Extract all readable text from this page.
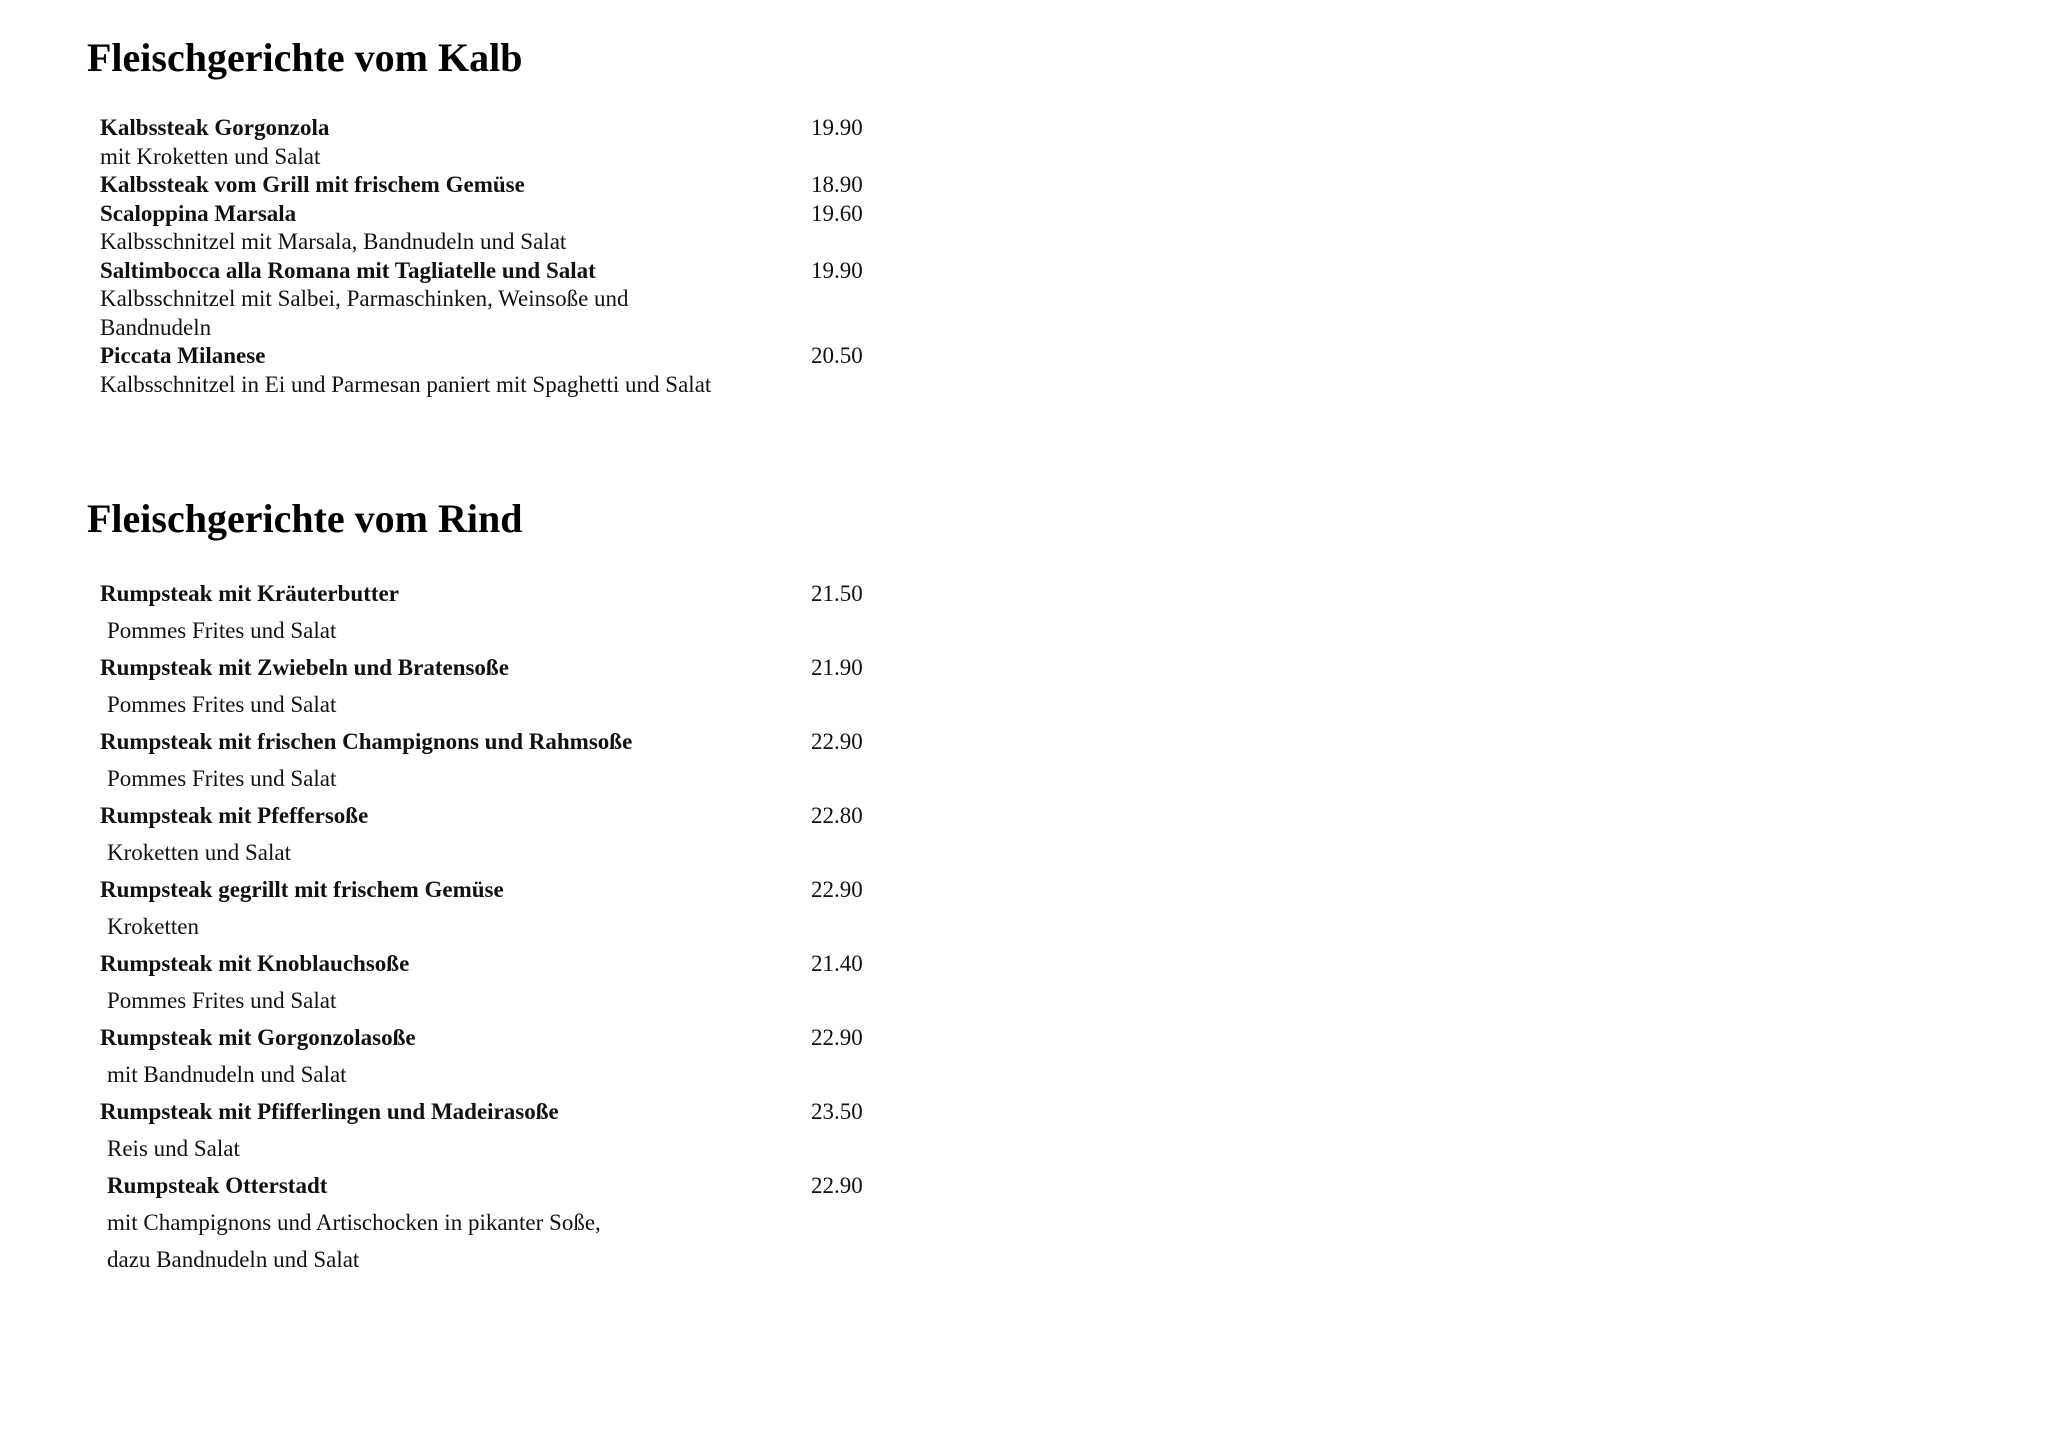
Fleischgerichte vom Kalb
Kalbssteak Gorgonzola	19.90
mit Kroketten und Salat
Kalbssteak vom Grill mit frischem Gemüse	18.90
Scaloppina Marsala	19.60
Kalbsschnitzel mit Marsala, Bandnudeln und Salat
Saltimbocca alla Romana mit Tagliatelle und Salat	19.90
Kalbsschnitzel mit Salbei, Parmaschinken, Weinsoße und
Bandnudeln
Piccata Milanese	20.50
Kalbsschnitzel in Ei und Parmesan paniert mit Spaghetti und Salat
Fleischgerichte vom Rind
Rumpsteak mit Kräuterbutter	21.50
Pommes Frites und Salat
Rumpsteak mit Zwiebeln und Bratensoße	21.90
Pommes Frites und Salat
Rumpsteak mit frischen Champignons und Rahmsoße	22.90
Pommes Frites und Salat
Rumpsteak mit Pfeffersoße	22.80
Kroketten und Salat
Rumpsteak gegrillt mit frischem Gemüse	22.90
Kroketten
Rumpsteak mit Knoblauchsoße	21.40
Pommes Frites und Salat
Rumpsteak mit Gorgonzolasoße	22.90
mit Bandnudeln und Salat
Rumpsteak mit Pfifferlingen und Madeirasoße	23.50
Reis und Salat
Rumpsteak Otterstadt	22.90
mit Champignons und Artischocken in pikanter Soße,
dazu Bandnudeln und Salat
